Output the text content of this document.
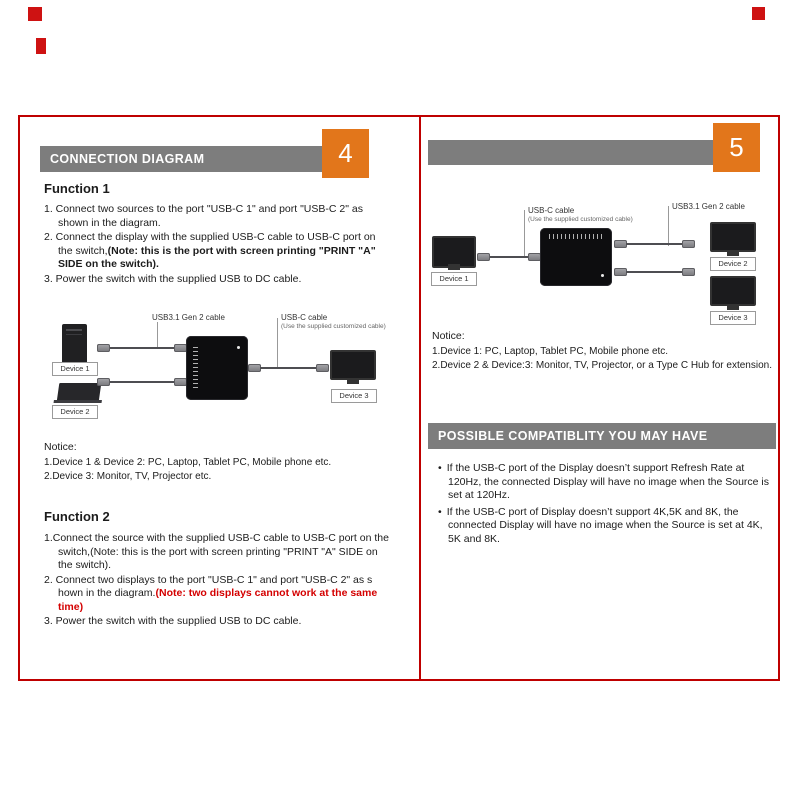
CONNECTION DIAGRAM	4
Function 1

1. Connect two sources to the port "USB-C 1" and port "USB-C 2" as shown in the diagram.

2. Connect the display with the supplied USB-C cable to USB-C port on the switch,(Note: this is the port with screen printing "PRINT "A" SIDE on the switch).

3. Power the switch with the supplied USB to DC cable.

USB3.1 Gen 2 cable	USB-C cable
(Use the supplied customized cable)
Device 1
Device 2
Device 3
Notice:
1.Device 1 & Device 2: PC, Laptop, Tablet PC, Mobile phone etc.
2.Device 3: Monitor, TV, Projector etc.
Function 2

1.Connect the source with the supplied USB-C cable to USB-C port on the switch,(Note: this is the port with screen printing "PRINT "A" SIDE on the switch).

2. Connect two displays to the port "USB-C 1" and port "USB-C 2" as s hown in the diagram.(Note: two displays cannot work at the same time)

3. Power the switch with the supplied USB to DC cable.

5
USB-C cable
(Use the supplied customized cable)
USB3.1 Gen 2 cable
Device 1
Device 2
Device 3
Notice:
1.Device 1: PC, Laptop, Tablet PC, Mobile phone etc.
2.Device 2 & Device:3: Monitor, TV, Projector, or a Type C Hub for extension.
POSSIBLE COMPATIBLITY YOU MAY HAVE

• If the USB-C port of the Display doesn’t support Refresh Rate at 120Hz, the connected Display will have no image when the Source is set at 120Hz.

• If the USB-C port of Display doesn’t support 4K,5K and 8K, the connected Display will have no image when the Source is set at 4K, 5K and 8K.
